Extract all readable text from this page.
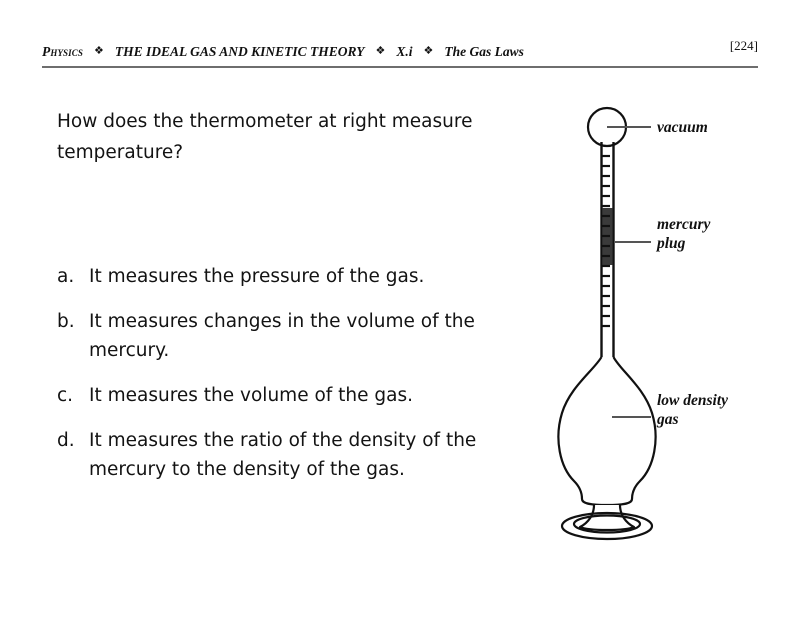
Physics ❖ THE IDEAL GAS AND KINETIC THEORY ❖ X.i ❖ The Gas Laws	[224]
How does the thermometer at right measure temperature?
a. It measures the pressure of the gas.
b. It measures changes in the volume of the mercury.
c. It measures the volume of the gas.
d. It measures the ratio of the density of the mercury to the density of the gas.
vacuum
mercury
plug
low density
gas
